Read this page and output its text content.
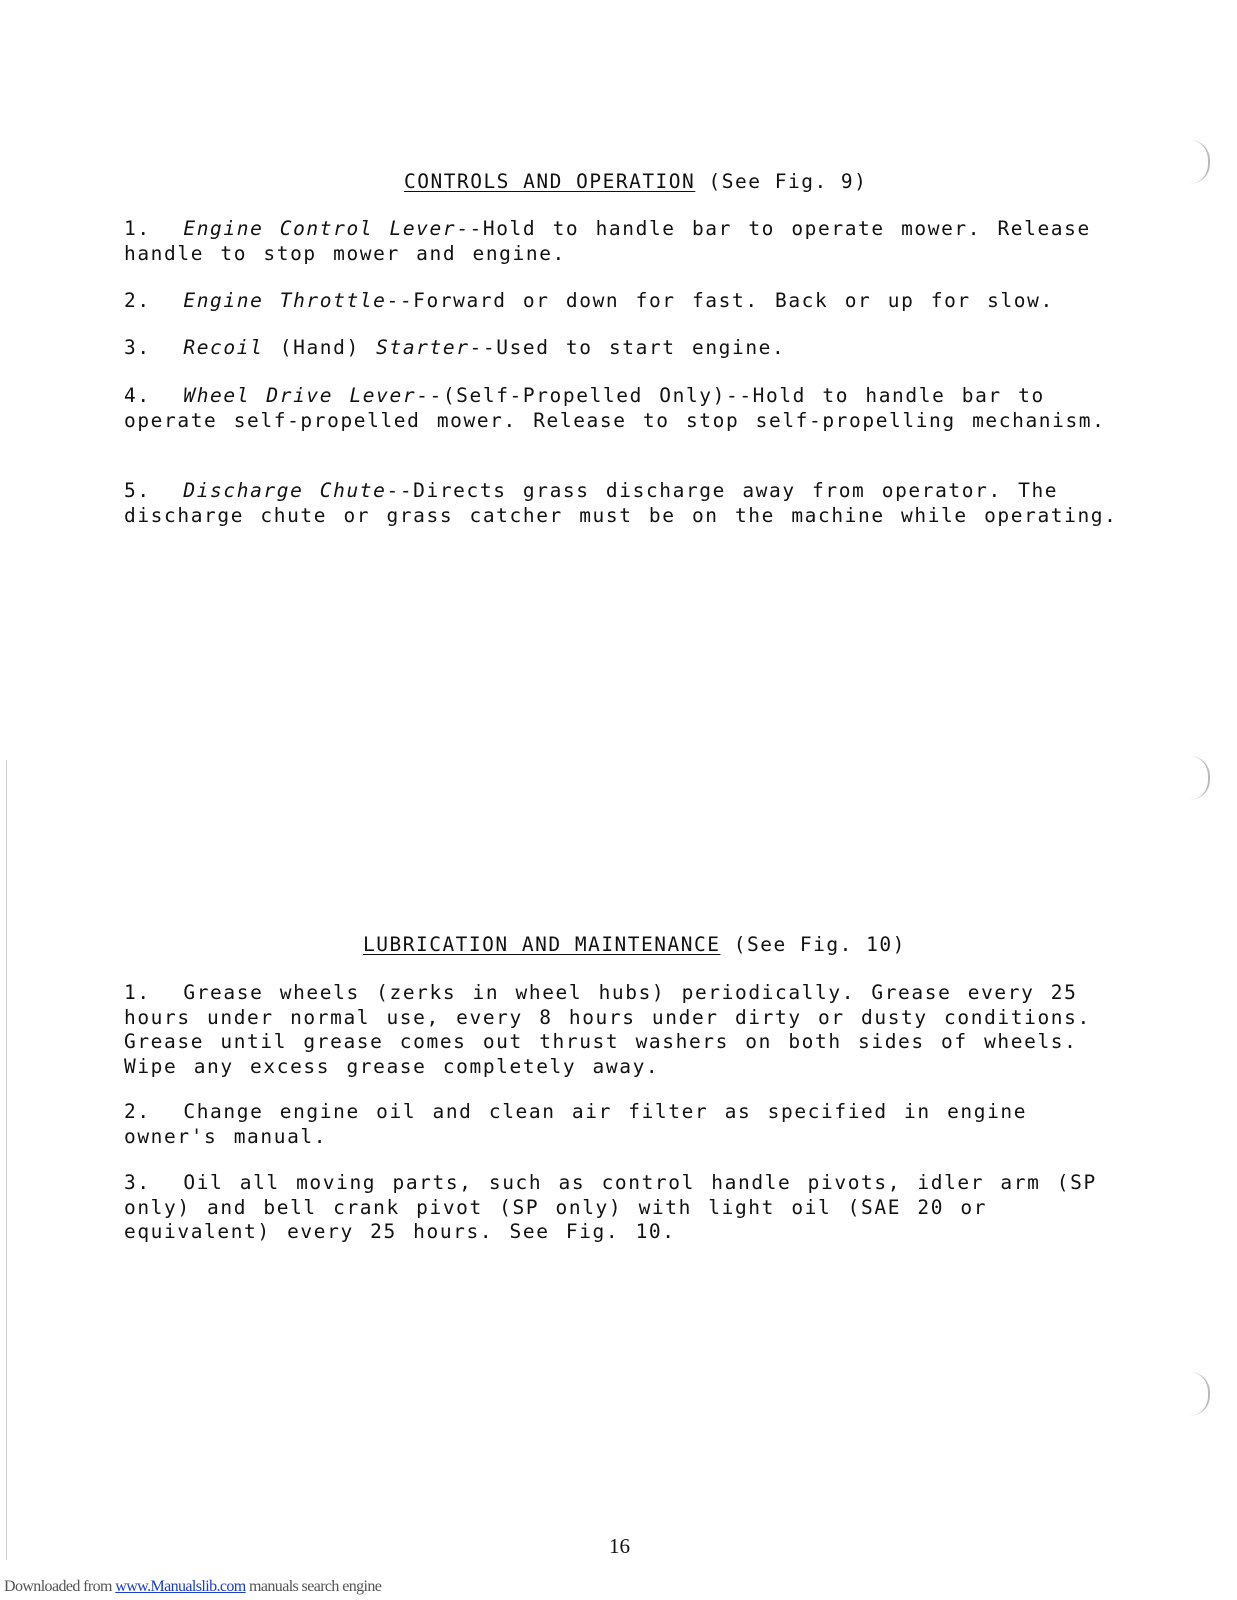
CONTROLS AND OPERATION (See Fig. 9)

1. Engine Control Lever--Hold to handle bar to operate mower. Release handle to stop mower and engine.

2. Engine Throttle--Forward or down for fast. Back or up for slow.

3. Recoil (Hand) Starter--Used to start engine.

4. Wheel Drive Lever--(Self-Propelled Only)--Hold to handle bar to operate self-propelled mower. Release to stop self-propelling mechanism.

5. Discharge Chute--Directs grass discharge away from operator. The discharge chute or grass catcher must be on the machine while operating.

LUBRICATION AND MAINTENANCE (See Fig. 10)

1. Grease wheels (zerks in wheel hubs) periodically. Grease every 25 hours under normal use, every 8 hours under dirty or dusty conditions. Grease until grease comes out thrust washers on both sides of wheels. Wipe any excess grease completely away.

2. Change engine oil and clean air filter as specified in engine owner's manual.

3. Oil all moving parts, such as control handle pivots, idler arm (SP only) and bell crank pivot (SP only) with light oil (SAE 20 or equivalent) every 25 hours. See Fig. 10.

16
Downloaded from www.Manualslib.com manuals search engine
